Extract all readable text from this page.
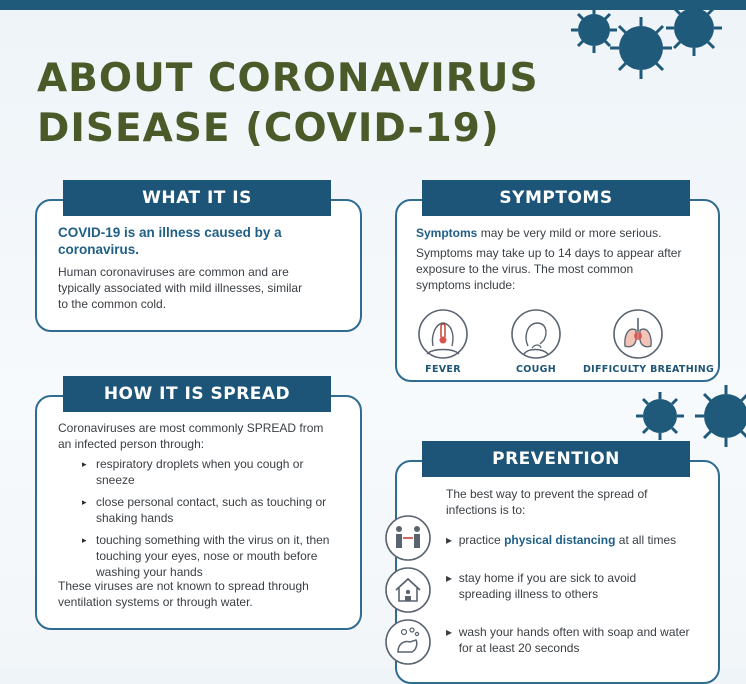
ABOUT CORONAVIRUS
DISEASE (COVID-19)
WHAT IT IS
COVID-19 is an illness caused by a coronavirus.
Human coronaviruses are common and are typically associated with mild illnesses, similar to the common cold.
SYMPTOMS
Symptoms may be very mild or more serious.
Symptoms may take up to 14 days to appear after exposure to the virus. The most common symptoms include:
FEVER	COUGH	DIFFICULTY BREATHING
HOW IT IS SPREAD
Coronaviruses are most commonly SPREAD from an infected person through:
▸ respiratory droplets when you cough or sneeze
▸ close personal contact, such as touching or shaking hands
▸ touching something with the virus on it, then touching your eyes, nose or mouth before washing your hands
These viruses are not known to spread through ventilation systems or through water.
PREVENTION
The best way to prevent the spread of infections is to:
▸  practice physical distancing at all times
▸ stay home if you are sick to avoid spreading illness to others
▸ wash your hands often with soap and water for at least 20 seconds
